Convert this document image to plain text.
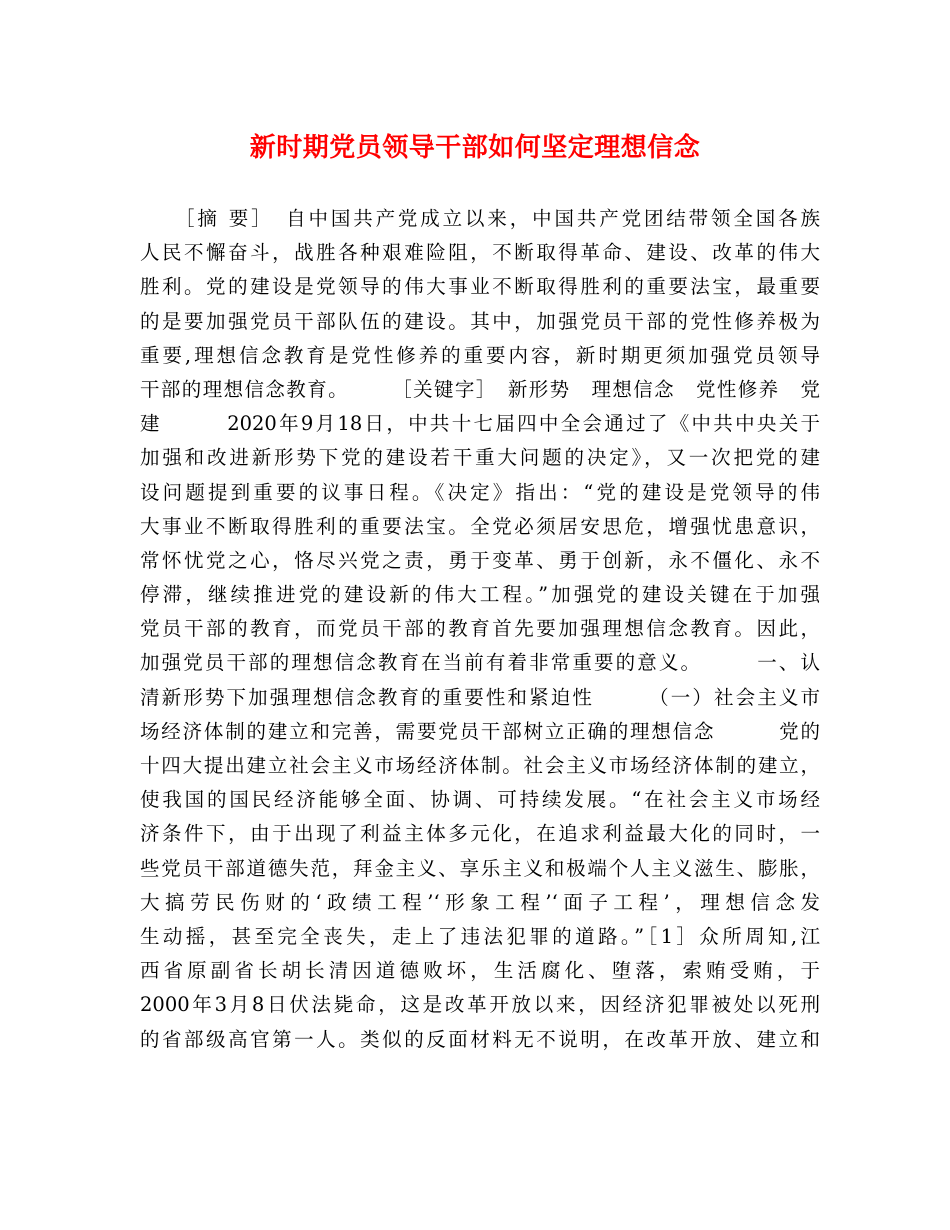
新时期党员领导干部如何坚定理想信念
　　［摘 要］　自中国共产党成立以来，中国共产党团结带领全国各族
人民不懈奋斗，战胜各种艰难险阻，不断取得革命、建设、改革的伟大
胜利。党的建设是党领导的伟大事业不断取得胜利的重要法宝，最重要
的是要加强党员干部队伍的建设。其中，加强党员干部的党性修养极为
重要,理想信念教育是党性修养的重要内容，新时期更须加强党员领导
干部的理想信念教育。　　　［关键字］　新形势　理想信念　党性修养　党
建　　　2020年9月18日，中共十七届四中全会通过了《中共中央关于
加强和改进新形势下党的建设若干重大问题的决定》，又一次把党的建
设问题提到重要的议事日程。《决定》指出：“党的建设是党领导的伟
大事业不断取得胜利的重要法宝。全党必须居安思危，增强忧患意识，
常怀忧党之心，恪尽兴党之责，勇于变革、勇于创新，永不僵化、永不
停滞，继续推进党的建设新的伟大工程。”加强党的建设关键在于加强
党员干部的教育，而党员干部的教育首先要加强理想信念教育。因此，
加强党员干部的理想信念教育在当前有着非常重要的意义。　　　一、认
清新形势下加强理想信念教育的重要性和紧迫性　　　（一）社会主义市
场经济体制的建立和完善，需要党员干部树立正确的理想信念　　　党的
十四大提出建立社会主义市场经济体制。社会主义市场经济体制的建立，
使我国的国民经济能够全面、协调、可持续发展。“在社会主义市场经
济条件下，由于出现了利益主体多元化，在追求利益最大化的同时，一
些党员干部道德失范，拜金主义、享乐主义和极端个人主义滋生、膨胀，
大搞劳民伤财的‘政绩工程’‘形象工程’‘面子工程’，理想信念发
生动摇，甚至完全丧失，走上了违法犯罪的道路。”［1］众所周知,江
西省原副省长胡长清因道德败坏，生活腐化、堕落，索贿受贿，于
2000年3月8日伏法毙命，这是改革开放以来，因经济犯罪被处以死刑
的省部级高官第一人。类似的反面材料无不说明，在改革开放、建立和
